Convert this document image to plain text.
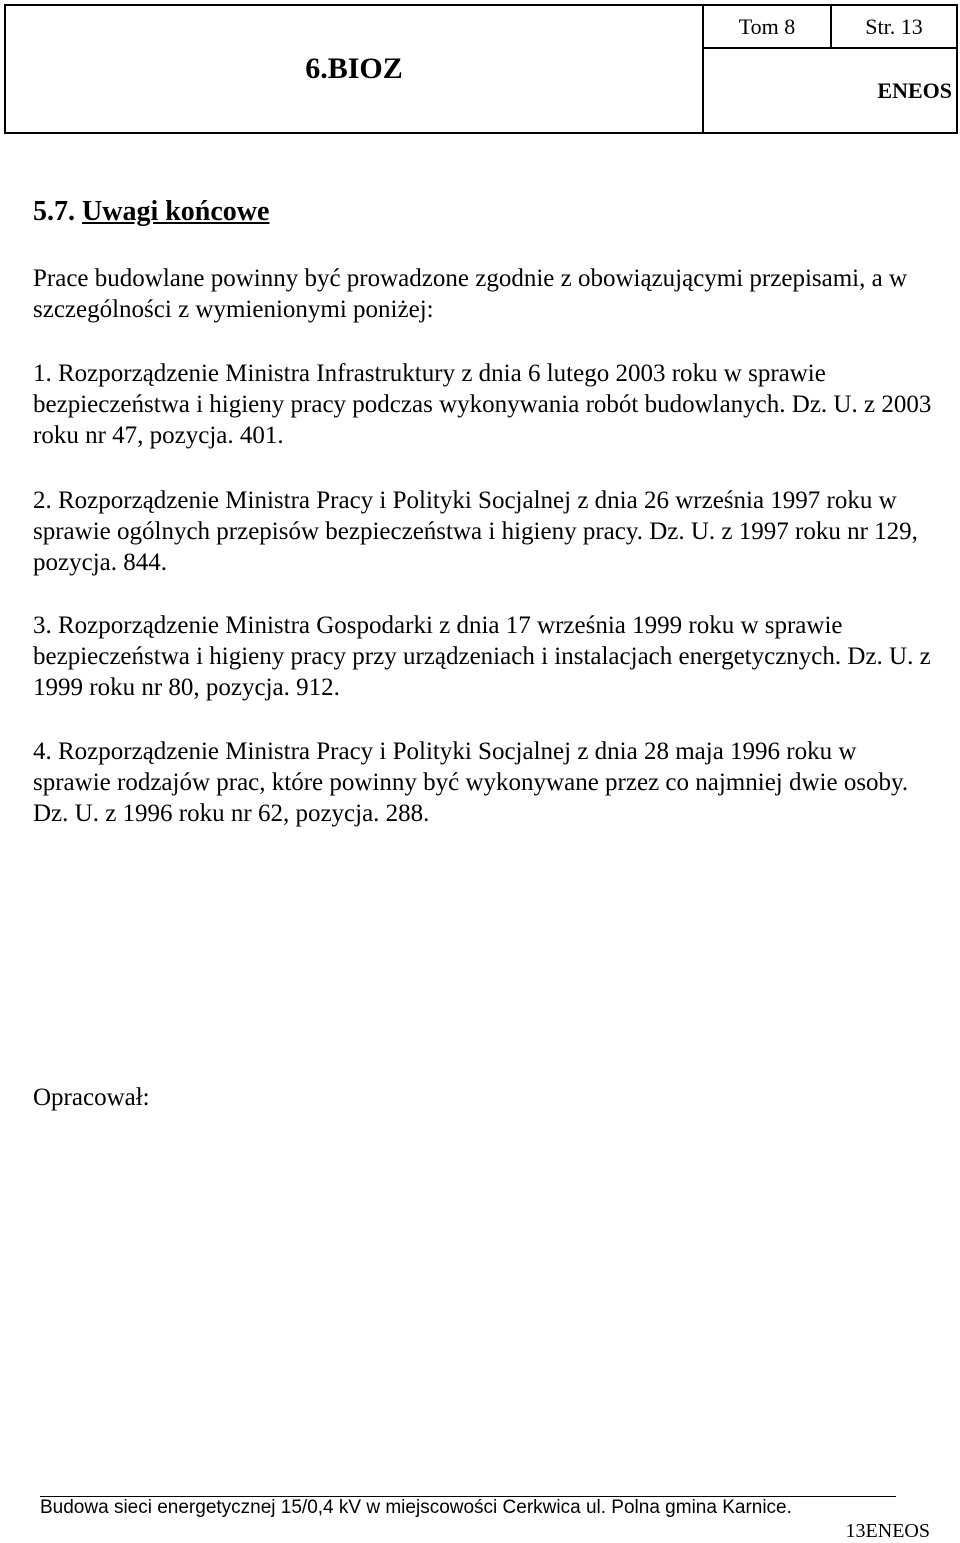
6.BIOZ	Tom 8	Str. 13
ENEOS
5.7. Uwagi końcowe

Prace budowlane powinny być prowadzone zgodnie z obowiązującymi przepisami, a w szczególności z wymienionymi poniżej:

1. Rozporządzenie Ministra Infrastruktury z dnia 6 lutego 2003 roku w sprawie bezpieczeństwa i higieny pracy podczas wykonywania robót budowlanych. Dz. U. z 2003 roku nr 47, pozycja. 401.

2. Rozporządzenie Ministra Pracy i Polityki Socjalnej z dnia 26 września 1997 roku w sprawie ogólnych przepisów bezpieczeństwa i higieny pracy. Dz. U. z 1997 roku nr 129, pozycja. 844.

3. Rozporządzenie Ministra Gospodarki z dnia 17 września 1999 roku w sprawie bezpieczeństwa i higieny pracy przy urządzeniach i instalacjach energetycznych. Dz. U. z 1999 roku nr 80, pozycja. 912.

4. Rozporządzenie Ministra Pracy i Polityki Socjalnej z dnia 28 maja 1996 roku w sprawie rodzajów prac, które powinny być wykonywane przez co najmniej dwie osoby. Dz. U. z 1996 roku nr 62, pozycja. 288.

Opracował:

Budowa sieci energetycznej 15/0,4 kV w miejscowości Cerkwica ul. Polna gmina Karnice.
13ENEOS
